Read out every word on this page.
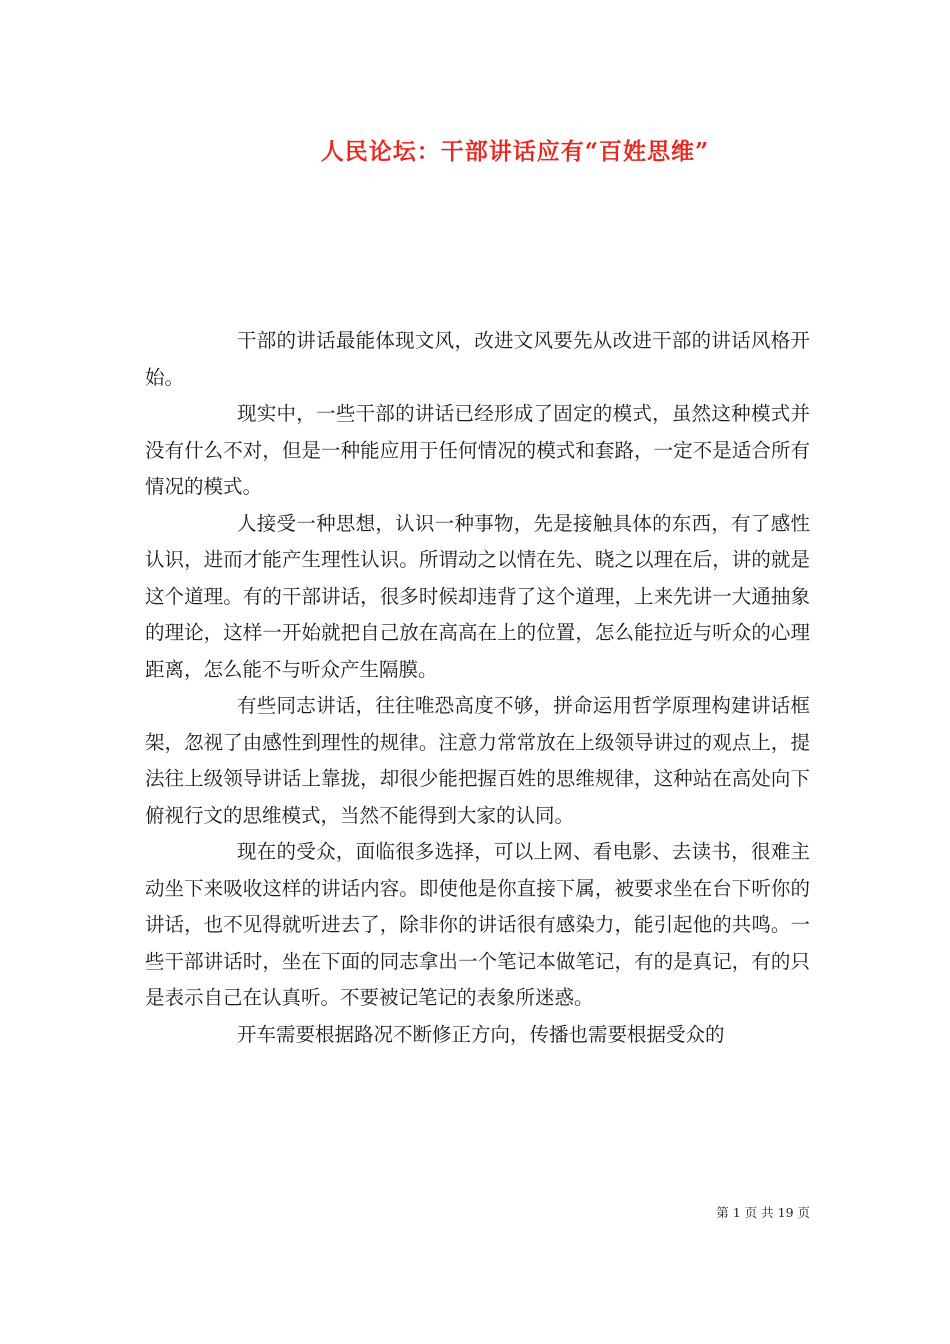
人民论坛：干部讲话应有“百姓思维”

干部的讲话最能体现文风，改进文风要先从改进干部的讲话风格开始。

现实中，一些干部的讲话已经形成了固定的模式，虽然这种模式并没有什么不对，但是一种能应用于任何情况的模式和套路，一定不是适合所有情况的模式。

人接受一种思想，认识一种事物，先是接触具体的东西，有了感性认识，进而才能产生理性认识。所谓动之以情在先、晓之以理在后，讲的就是这个道理。有的干部讲话，很多时候却违背了这个道理，上来先讲一大通抽象的理论，这样一开始就把自己放在高高在上的位置，怎么能拉近与听众的心理距离，怎么能不与听众产生隔膜。

有些同志讲话，往往唯恐高度不够，拼命运用哲学原理构建讲话框架，忽视了由感性到理性的规律。注意力常常放在上级领导讲过的观点上，提法往上级领导讲话上靠拢，却很少能把握百姓的思维规律，这种站在高处向下俯视行文的思维模式，当然不能得到大家的认同。

现在的受众，面临很多选择，可以上网、看电影、去读书，很难主动坐下来吸收这样的讲话内容。即使他是你直接下属，被要求坐在台下听你的讲话，也不见得就听进去了，除非你的讲话很有感染力，能引起他的共鸣。一些干部讲话时，坐在下面的同志拿出一个笔记本做笔记，有的是真记，有的只是表示自己在认真听。不要被记笔记的表象所迷惑。

开车需要根据路况不断修正方向，传播也需要根据受众的

第 1 页 共 19 页
